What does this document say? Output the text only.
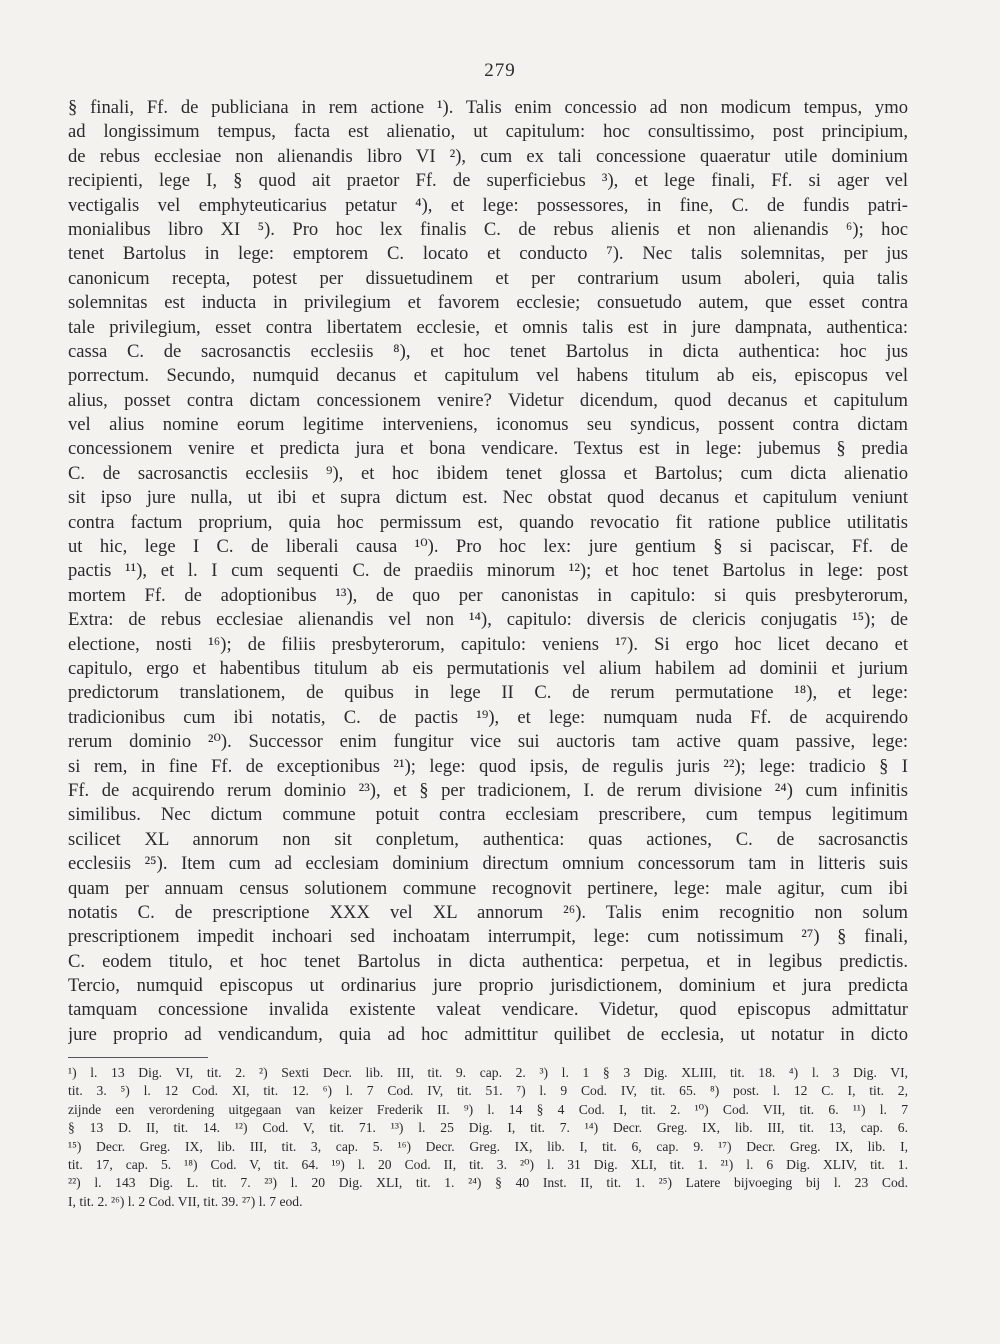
279
§ finali, Ff. de publiciana in rem actione ¹). Talis enim concessio ad non modicum tempus, ymo
ad longissimum tempus, facta est alienatio, ut capitulum: hoc consultissimo, post principium,
de rebus ecclesiae non alienandis libro VI ²), cum ex tali concessione quaeratur utile dominium
recipienti, lege I, § quod ait praetor Ff. de superficiebus ³), et lege finali, Ff. si ager vel
vectigalis vel emphyteuticarius petatur ⁴), et lege: possessores, in fine, C. de fundis patri-
monialibus libro XI ⁵). Pro hoc lex finalis C. de rebus alienis et non alienandis ⁶); hoc
tenet Bartolus in lege: emptorem C. locato et conducto ⁷). Nec talis solemnitas, per jus
canonicum recepta, potest per dissuetudinem et per contrarium usum aboleri, quia talis
solemnitas est inducta in privilegium et favorem ecclesie; consuetudo autem, que esset contra
tale privilegium, esset contra libertatem ecclesie, et omnis talis est in jure dampnata, authentica:
cassa C. de sacrosanctis ecclesiis ⁸), et hoc tenet Bartolus in dicta authentica: hoc jus
porrectum. Secundo, numquid decanus et capitulum vel habens titulum ab eis, episcopus vel
alius, posset contra dictam concessionem venire? Videtur dicendum, quod decanus et capitulum
vel alius nomine eorum legitime interveniens, iconomus seu syndicus, possent contra dictam
concessionem venire et predicta jura et bona vendicare. Textus est in lege: jubemus § predia
C. de sacrosanctis ecclesiis ⁹), et hoc ibidem tenet glossa et Bartolus; cum dicta alienatio
sit ipso jure nulla, ut ibi et supra dictum est. Nec obstat quod decanus et capitulum veniunt
contra factum proprium, quia hoc permissum est, quando revocatio fit ratione publice utilitatis
ut hic, lege I C. de liberali causa ¹⁰). Pro hoc lex: jure gentium § si paciscar, Ff. de
pactis ¹¹), et l. I cum sequenti C. de praediis minorum ¹²); et hoc tenet Bartolus in lege: post
mortem Ff. de adoptionibus ¹³), de quo per canonistas in capitulo: si quis presbyterorum,
Extra: de rebus ecclesiae alienandis vel non ¹⁴), capitulo: diversis de clericis conjugatis ¹⁵); de
electione, nosti ¹⁶); de filiis presbyterorum, capitulo: veniens ¹⁷). Si ergo hoc licet decano et
capitulo, ergo et habentibus titulum ab eis permutationis vel alium habilem ad dominii et jurium
predictorum translationem, de quibus in lege II C. de rerum permutatione ¹⁸), et lege:
tradicionibus cum ibi notatis, C. de pactis ¹⁹), et lege: numquam nuda Ff. de acquirendo
rerum dominio ²⁰). Successor enim fungitur vice sui auctoris tam active quam passive, lege:
si rem, in fine Ff. de exceptionibus ²¹); lege: quod ipsis, de regulis juris ²²); lege: tradicio § I
Ff. de acquirendo rerum dominio ²³), et § per tradicionem, I. de rerum divisione ²⁴) cum infinitis
similibus. Nec dictum commune potuit contra ecclesiam prescribere, cum tempus legitimum
scilicet XL annorum non sit conpletum, authentica: quas actiones, C. de sacrosanctis
ecclesiis ²⁵). Item cum ad ecclesiam dominium directum omnium concessorum tam in litteris suis
quam per annuam census solutionem commune recognovit pertinere, lege: male agitur, cum ibi
notatis C. de prescriptione XXX vel XL annorum ²⁶). Talis enim recognitio non solum
prescriptionem impedit inchoari sed inchoatam interrumpit, lege: cum notissimum ²⁷) § finali,
C. eodem titulo, et hoc tenet Bartolus in dicta authentica: perpetua, et in legibus predictis.
Tercio, numquid episcopus ut ordinarius jure proprio jurisdictionem, dominium et jura predicta
tamquam concessione invalida existente valeat vendicare. Videtur, quod episcopus admittatur
jure proprio ad vendicandum, quia ad hoc admittitur quilibet de ecclesia, ut notatur in dicto
¹) l. 13 Dig. VI, tit. 2. ²) Sexti Decr. lib. III, tit. 9. cap. 2. ³) l. 1 § 3 Dig. XLIII, tit. 18. ⁴) l. 3 Dig. VI,
tit. 3. ⁵) l. 12 Cod. XI, tit. 12. ⁶) l. 7 Cod. IV, tit. 51. ⁷) l. 9 Cod. IV, tit. 65. ⁸) post. l. 12 C. I, tit. 2,
zijnde een verordening uitgegaan van keizer Frederik II. ⁹) l. 14 § 4 Cod. I, tit. 2. ¹⁰) Cod. VII, tit. 6. ¹¹) l. 7
§ 13 D. II, tit. 14. ¹²) Cod. V, tit. 71. ¹³) l. 25 Dig. I, tit. 7. ¹⁴) Decr. Greg. IX, lib. III, tit. 13, cap. 6.
¹⁵) Decr. Greg. IX, lib. III, tit. 3, cap. 5. ¹⁶) Decr. Greg. IX, lib. I, tit. 6, cap. 9. ¹⁷) Decr. Greg. IX, lib. I,
tit. 17, cap. 5. ¹⁸) Cod. V, tit. 64. ¹⁹) l. 20 Cod. II, tit. 3. ²⁰) l. 31 Dig. XLI, tit. 1. ²¹) l. 6 Dig. XLIV, tit. 1.
²²) l. 143 Dig. L. tit. 7. ²³) l. 20 Dig. XLI, tit. 1. ²⁴) § 40 Inst. II, tit. 1. ²⁵) Latere bijvoeging bij l. 23 Cod.
I, tit. 2. ²⁶) l. 2 Cod. VII, tit. 39. ²⁷) l. 7 eod.
